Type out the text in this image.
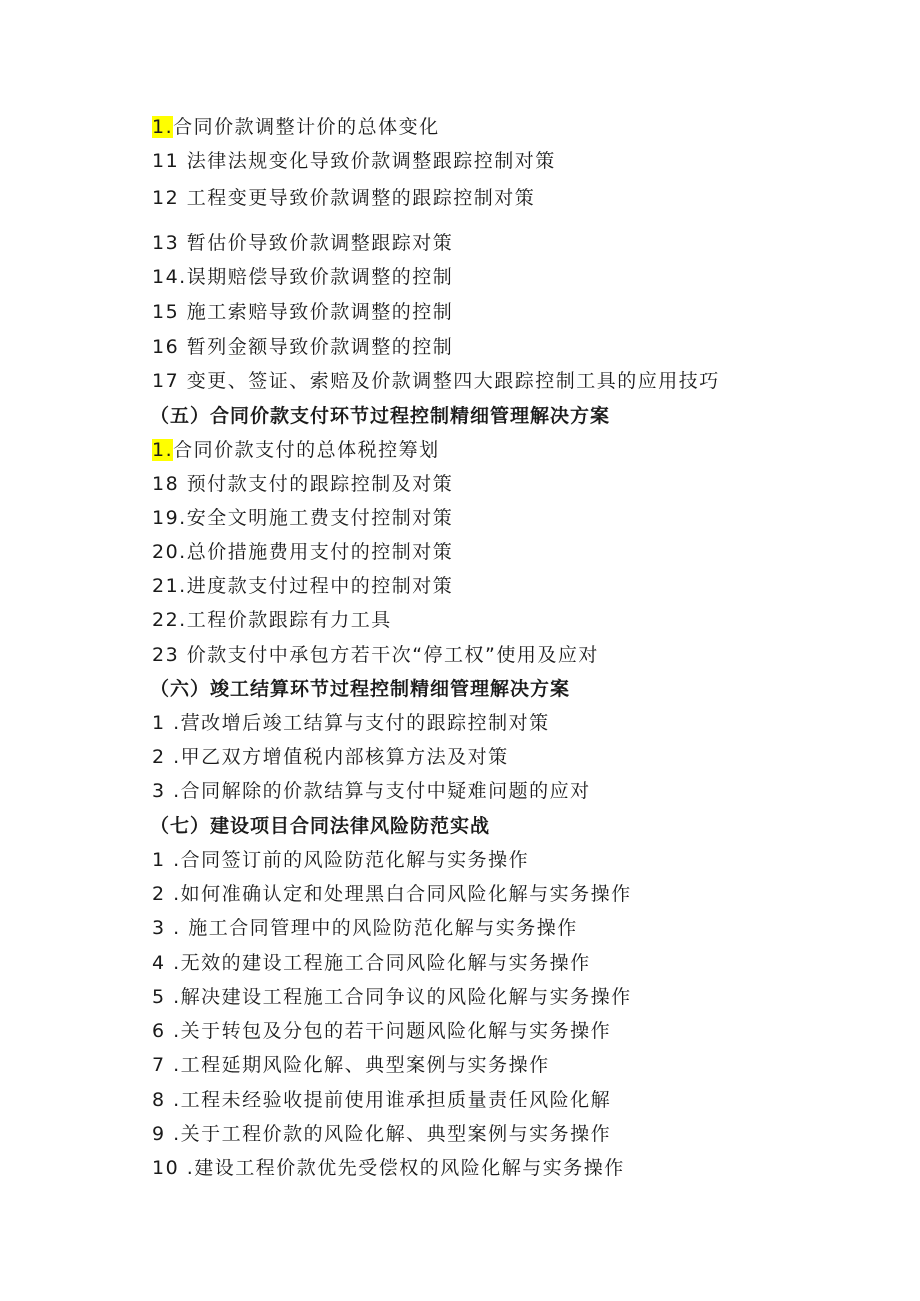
1.合同价款调整计价的总体变化
11 法律法规变化导致价款调整跟踪控制对策
12 工程变更导致价款调整的跟踪控制对策
13 暂估价导致价款调整跟踪对策
14.误期赔偿导致价款调整的控制
15 施工索赔导致价款调整的控制
16 暂列金额导致价款调整的控制
17 变更、签证、索赔及价款调整四大跟踪控制工具的应用技巧
（五）合同价款支付环节过程控制精细管理解决方案
1.合同价款支付的总体税控筹划
18 预付款支付的跟踪控制及对策
19.安全文明施工费支付控制对策
20.总价措施费用支付的控制对策
21.进度款支付过程中的控制对策
22.工程价款跟踪有力工具
23 价款支付中承包方若干次“停工权”使用及应对
（六）竣工结算环节过程控制精细管理解决方案
1 .营改增后竣工结算与支付的跟踪控制对策
2 .甲乙双方增值税内部核算方法及对策
3 .合同解除的价款结算与支付中疑难问题的应对
（七）建设项目合同法律风险防范实战
1 .合同签订前的风险防范化解与实务操作
2 .如何准确认定和处理黑白合同风险化解与实务操作
3 . 施工合同管理中的风险防范化解与实务操作
4 .无效的建设工程施工合同风险化解与实务操作
5 .解决建设工程施工合同争议的风险化解与实务操作
6 .关于转包及分包的若干问题风险化解与实务操作
7 .工程延期风险化解、典型案例与实务操作
8 .工程未经验收提前使用谁承担质量责任风险化解
9 .关于工程价款的风险化解、典型案例与实务操作
10 .建设工程价款优先受偿权的风险化解与实务操作
